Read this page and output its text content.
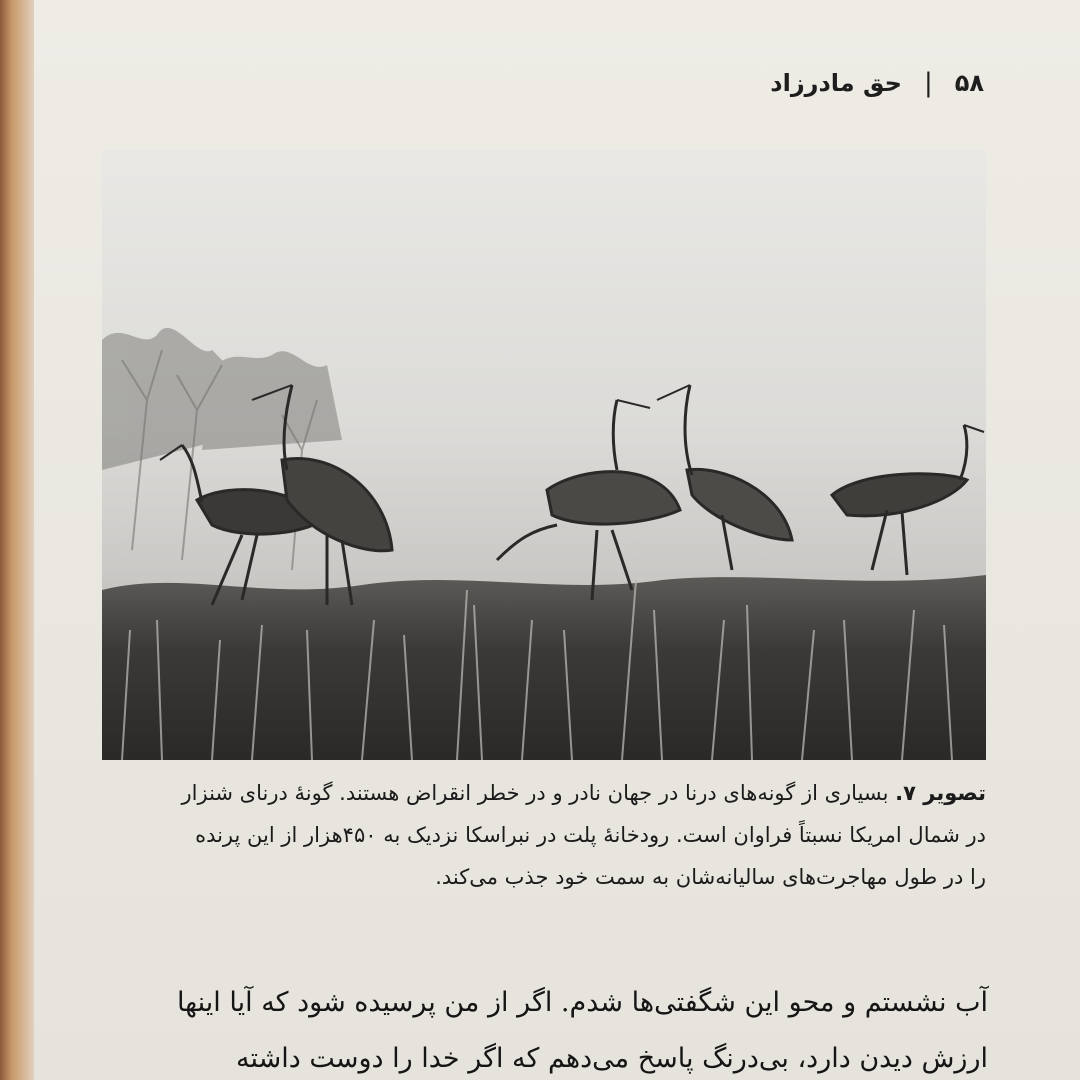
۵۸
|
حق مادرزاد
تصویر ۷. بسیاری از گونه‌های درنا در جهان نادر و در خطر انقراض هستند. گونهٔ درنای شنزار
در شمال امریکا نسبتاً فراوان است. رودخانهٔ پلت در نبراسکا نزدیک به ۴۵۰هزار از این پرنده
را در طول مهاجرت‌های سالیانه‌شان به سمت خود جذب می‌کند.
آب نشستم و محو این شگفتی‌ها شدم. اگر از من پرسیده شود که آیا اینها
ارزش دیدن دارد، بی‌درنگ پاسخ می‌دهم که اگر خدا را دوست داشته
